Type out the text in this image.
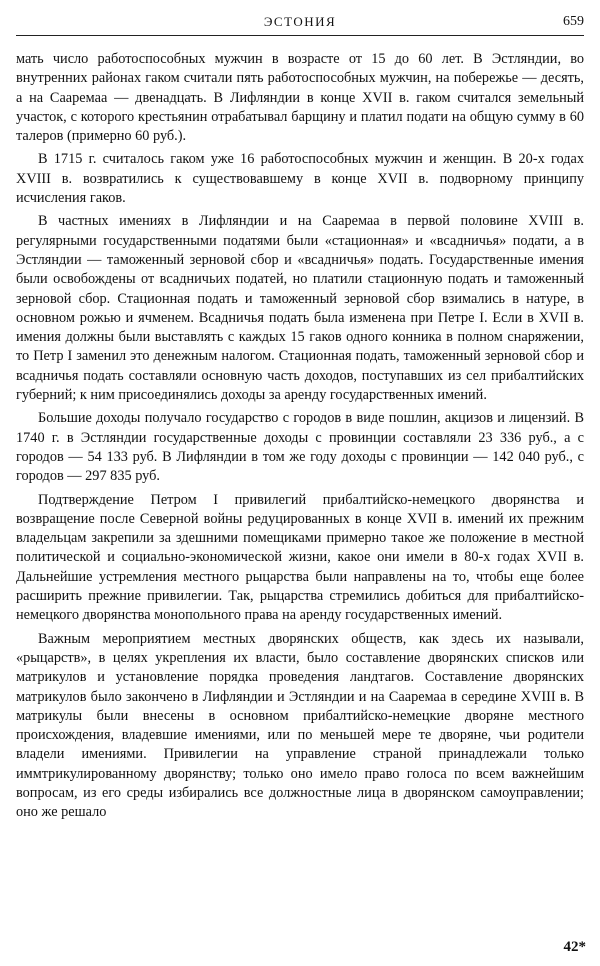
ЭСТОНИЯ	659

мать число работоспособных мужчин в возрасте от 15 до 60 лет. В Эстляндии, во внутренних районах гаком считали пять работоспособных мужчин, на побережье — десять, а на Сааремаа — двенадцать. В Лифляндии в конце XVII в. гаком считался земельный участок, с которого крестьянин отрабатывал барщину и платил подати на общую сумму в 60 талеров (примерно 60 руб.).

В 1715 г. считалось гаком уже 16 работоспособных мужчин и женщин. В 20-х годах XVIII в. возвратились к существовавшему в конце XVII в. подворному принципу исчисления гаков.

В частных имениях в Лифляндии и на Сааремаа в первой половине XVIII в. регулярными государственными податями были «стационная» и «всадничья» подати, а в Эстляндии — таможенный зерновой сбор и «всадничья» подать. Государственные имения были освобождены от всадничьих податей, но платили стационную подать и таможенный зерновой сбор. Стационная подать и таможенный зерновой сбор взимались в натуре, в основном рожью и ячменем. Всадничья подать была изменена при Петре I. Если в XVII в. имения должны были выставлять с каждых 15 гаков одного конника в полном снаряжении, то Петр I заменил это денежным налогом. Стационная подать, таможенный зерновой сбор и всадничья подать составляли основную часть доходов, поступавших из сел прибалтийских губерний; к ним присоединялись доходы за аренду государственных имений.

Большие доходы получало государство с городов в виде пошлин, акцизов и лицензий. В 1740 г. в Эстляндии государственные доходы с провинции составляли 23 336 руб., а с городов — 54 133 руб. В Лифляндии в том же году доходы с провинции — 142 040 руб., с городов — 297 835 руб.

Подтверждение Петром I привилегий прибалтийско-немецкого дворянства и возвращение после Северной войны редуцированных в конце XVII в. имений их прежним владельцам закрепили за здешними помещиками примерно такое же положение в местной политической и социально-экономической жизни, какое они имели в 80-х годах XVII в. Дальнейшие устремления местного рыцарства были направлены на то, чтобы еще более расширить прежние привилегии. Так, рыцарства стремились добиться для прибалтийско-немецкого дворянства монопольного права на аренду государственных имений.

Важным мероприятием местных дворянских обществ, как здесь их называли, «рыцарств», в целях укрепления их власти, было составление дворянских списков или матрикулов и установление порядка проведения ландтагов. Составление дворянских матрикулов было закончено в Лифляндии и Эстляндии и на Сааремаа в середине XVIII в. В матрикулы были внесены в основном прибалтийско-немецкие дворяне местного происхождения, владевшие имениями, или по меньшей мере те дворяне, чьи родители владели имениями. Привилегии на управление страной принадлежали только иммтрикулированному дворянству; только оно имело право голоса по всем важнейшим вопросам, из его среды избирались все должностные лица в дворянском самоуправлении; оно же решало

42*
